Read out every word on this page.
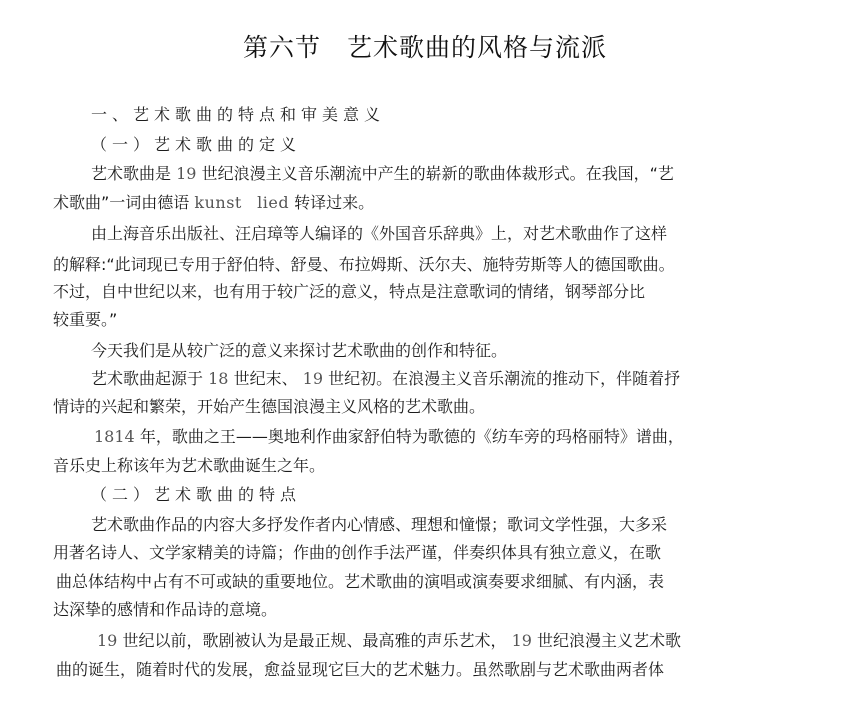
第六节　艺术歌曲的风格与流派
一、艺术歌曲的特点和审美意义
（一）艺术歌曲的定义
艺术歌曲是 19 世纪浪漫主义音乐潮流中产生的崭新的歌曲体裁形式。在我国，“艺
术歌曲”一词由德语 kunst lied 转译过来。
由上海音乐出版社、汪启璋等人编译的《外国音乐辞典》上，对艺术歌曲作了这样
的解释:“此词现已专用于舒伯特、舒曼、布拉姆斯、沃尔夫、施特劳斯等人的德国歌曲。
不过，自中世纪以来，也有用于较广泛的意义，特点是注意歌词的情绪，钢琴部分比
较重要。”
今天我们是从较广泛的意义来探讨艺术歌曲的创作和特征。
艺术歌曲起源于 18 世纪末、 19 世纪初。在浪漫主义音乐潮流的推动下，伴随着抒
情诗的兴起和繁荣，开始产生德国浪漫主义风格的艺术歌曲。
1814 年，歌曲之王——奥地利作曲家舒伯特为歌德的《纺车旁的玛格丽特》谱曲，
音乐史上称该年为艺术歌曲诞生之年。
（二）艺术歌曲的特点
艺术歌曲作品的内容大多抒发作者内心情感、理想和憧憬；歌词文学性强，大多采
用著名诗人、文学家精美的诗篇；作曲的创作手法严谨，伴奏织体具有独立意义，在歌
曲总体结构中占有不可或缺的重要地位。艺术歌曲的演唱或演奏要求细腻、有内涵，表
达深挚的感情和作品诗的意境。
19 世纪以前，歌剧被认为是最正规、最高雅的声乐艺术， 19 世纪浪漫主义艺术歌
曲的诞生，随着时代的发展，愈益显现它巨大的艺术魅力。虽然歌剧与艺术歌曲两者体
